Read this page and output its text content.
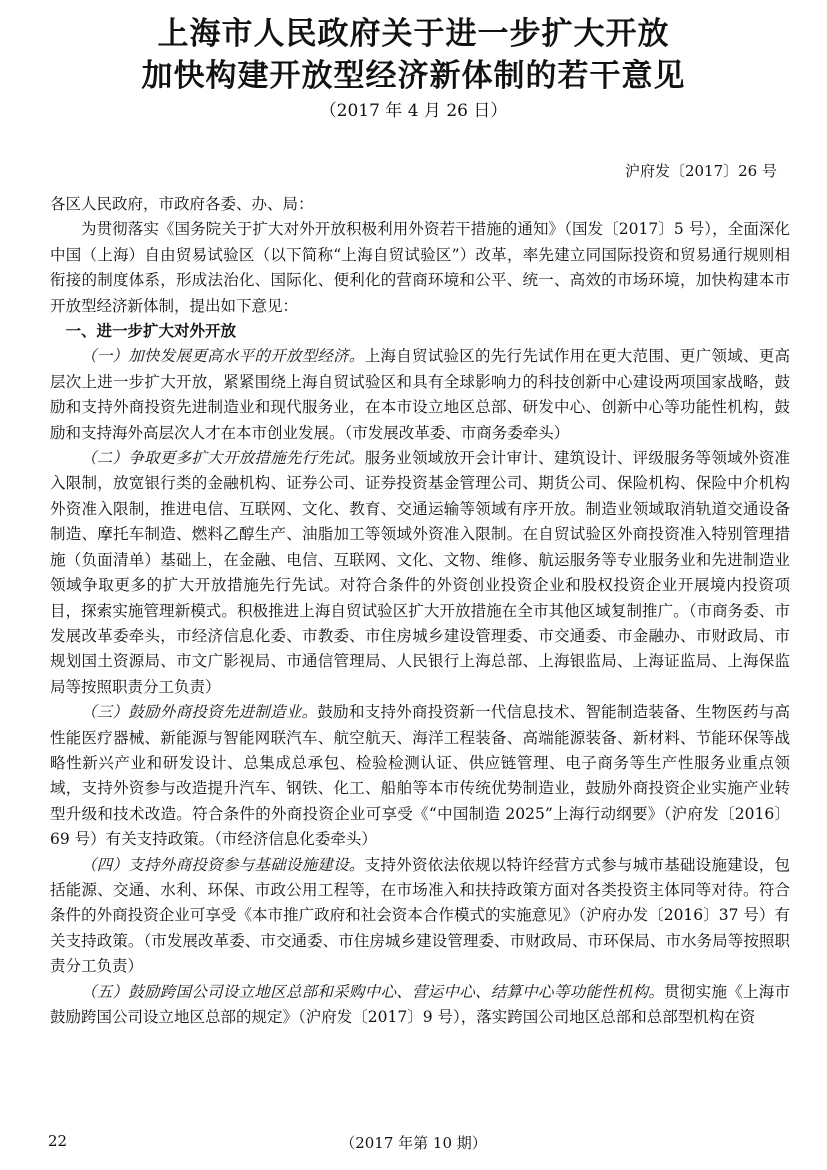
上海市人民政府关于进一步扩大开放
加快构建开放型经济新体制的若干意见
（2017 年 4 月 26 日）
沪府发〔2017〕26 号

各区人民政府，市政府各委、办、局：

为贯彻落实《国务院关于扩大对外开放积极利用外资若干措施的通知》（国发〔2017〕5 号），全面深化中国（上海）自由贸易试验区（以下简称“上海自贸试验区”）改革，率先建立同国际投资和贸易通行规则相衔接的制度体系，形成法治化、国际化、便利化的营商环境和公平、统一、高效的市场环境，加快构建本市开放型经济新体制，提出如下意见：

一、进一步扩大对外开放

（一）加快发展更高水平的开放型经济。上海自贸试验区的先行先试作用在更大范围、更广领域、更高层次上进一步扩大开放，紧紧围绕上海自贸试验区和具有全球影响力的科技创新中心建设两项国家战略，鼓励和支持外商投资先进制造业和现代服务业，在本市设立地区总部、研发中心、创新中心等功能性机构，鼓励和支持海外高层次人才在本市创业发展。（市发展改革委、市商务委牵头）

（二）争取更多扩大开放措施先行先试。服务业领域放开会计审计、建筑设计、评级服务等领域外资准入限制，放宽银行类的金融机构、证券公司、证券投资基金管理公司、期货公司、保险机构、保险中介机构外资准入限制，推进电信、互联网、文化、教育、交通运输等领域有序开放。制造业领域取消轨道交通设备制造、摩托车制造、燃料乙醇生产、油脂加工等领域外资准入限制。在自贸试验区外商投资准入特别管理措施（负面清单）基础上，在金融、电信、互联网、文化、文物、维修、航运服务等专业服务业和先进制造业领域争取更多的扩大开放措施先行先试。对符合条件的外资创业投资企业和股权投资企业开展境内投资项目，探索实施管理新模式。积极推进上海自贸试验区扩大开放措施在全市其他区域复制推广。（市商务委、市发展改革委牵头，市经济信息化委、市教委、市住房城乡建设管理委、市交通委、市金融办、市财政局、市规划国土资源局、市文广影视局、市通信管理局、人民银行上海总部、上海银监局、上海证监局、上海保监局等按照职责分工负责）

（三）鼓励外商投资先进制造业。鼓励和支持外商投资新一代信息技术、智能制造装备、生物医药与高性能医疗器械、新能源与智能网联汽车、航空航天、海洋工程装备、高端能源装备、新材料、节能环保等战略性新兴产业和研发设计、总集成总承包、检验检测认证、供应链管理、电子商务等生产性服务业重点领域，支持外资参与改造提升汽车、钢铁、化工、船舶等本市传统优势制造业，鼓励外商投资企业实施产业转型升级和技术改造。符合条件的外商投资企业可享受《“中国制造 2025”上海行动纲要》（沪府发〔2016〕69 号）有关支持政策。（市经济信息化委牵头）

（四）支持外商投资参与基础设施建设。支持外资依法依规以特许经营方式参与城市基础设施建设，包括能源、交通、水利、环保、市政公用工程等，在市场准入和扶持政策方面对各类投资主体同等对待。符合条件的外商投资企业可享受《本市推广政府和社会资本合作模式的实施意见》（沪府办发〔2016〕37 号）有关支持政策。（市发展改革委、市交通委、市住房城乡建设管理委、市财政局、市环保局、市水务局等按照职责分工负责）

（五）鼓励跨国公司设立地区总部和采购中心、营运中心、结算中心等功能性机构。贯彻实施《上海市鼓励跨国公司设立地区总部的规定》（沪府发〔2017〕9 号），落实跨国公司地区总部和总部型机构在资

22	（2017 年第 10 期）
